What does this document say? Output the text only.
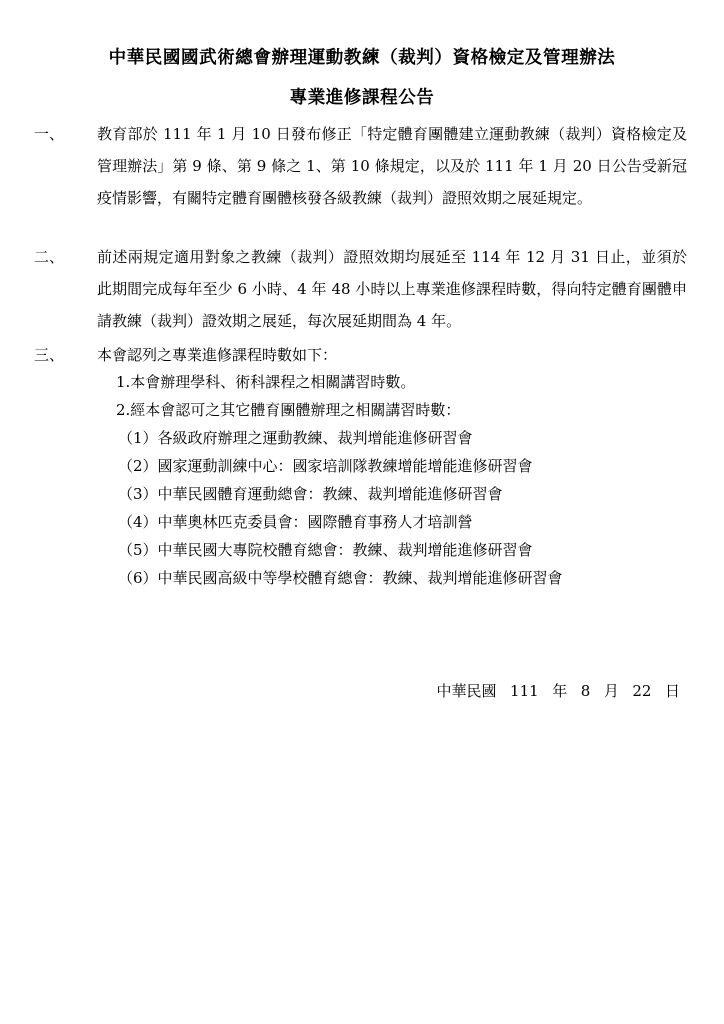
中華民國國武術總會辦理運動教練（裁判）資格檢定及管理辦法
專業進修課程公告
一、 教育部於 111 年 1 月 10 日發布修正「特定體育團體建立運動教練（裁判）資格檢定及管理辦法」第 9 條、第 9 條之 1、第 10 條規定，以及於 111 年 1 月 20 日公告受新冠疫情影響，有關特定體育團體核發各級教練（裁判）證照效期之展延規定。
二、 前述兩規定適用對象之教練（裁判）證照效期均展延至 114 年 12 月 31 日止，並須於此期間完成每年至少 6 小時、4 年 48 小時以上專業進修課程時數，得向特定體育團體申請教練（裁判）證效期之展延，每次展延期間為 4 年。
三、 本會認列之專業進修課程時數如下：
1.本會辦理學科、術科課程之相關講習時數。
2.經本會認可之其它體育團體辦理之相關講習時數：
（1）各級政府辦理之運動教練、裁判增能進修研習會
（2）國家運動訓練中心：國家培訓隊教練增能增能進修研習會
（3）中華民國體育運動總會：教練、裁判增能進修研習會
（4）中華奧林匹克委員會：國際體育事務人才培訓營
（5）中華民國大專院校體育總會：教練、裁判增能進修研習會
（6）中華民國高級中等學校體育總會：教練、裁判增能進修研習會
中華民國  111  年  8  月  22  日
